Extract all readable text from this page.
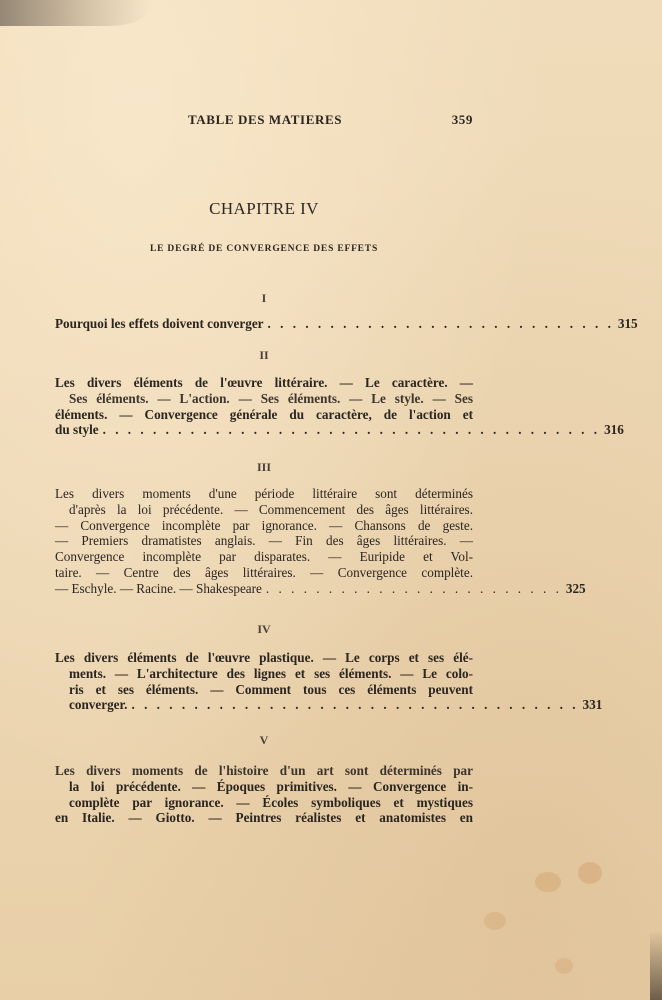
TABLE DES MATIERES	359
CHAPITRE IV
LE DEGRÉ DE CONVERGENCE DES EFFETS
I
Pourquoi les effets doivent converger . . . . . . . . . . . . . . . . . . . . . . . . . . . . 315
II
Les divers éléments de l'œuvre littéraire. — Le caractère. —
Ses éléments. — L'action. — Ses éléments. — Le style. — Ses
éléments. — Convergence générale du caractère, de l'action et
du style . . . . . . . . . . . . . . . . . . . . . . . . . . . . . . . . . . . . . . . . 316
III
Les divers moments d'une période littéraire sont déterminés
d'après la loi précédente. — Commencement des âges littéraires.
— Convergence incomplète par ignorance. — Chansons de geste.
— Premiers dramatistes anglais. — Fin des âges littéraires. —
Convergence incomplète par disparates. — Euripide et Vol-
taire. — Centre des âges littéraires. — Convergence complète.
— Eschyle. — Racine. — Shakespeare . . . . . . . . . . . . . . . . . . . . . . . . 325
IV
Les divers éléments de l'œuvre plastique. — Le corps et ses élé-
ments. — L'architecture des lignes et ses éléments. — Le colo-
ris et ses éléments. — Comment tous ces éléments peuvent
converger. . . . . . . . . . . . . . . . . . . . . . . . . . . . . . . . . . . . . 331
V
Les divers moments de l'histoire d'un art sont déterminés par
la loi précédente. — Époques primitives. — Convergence in-
complète par ignorance. — Écoles symboliques et mystiques
en Italie. — Giotto. — Peintres réalistes et anatomistes en
